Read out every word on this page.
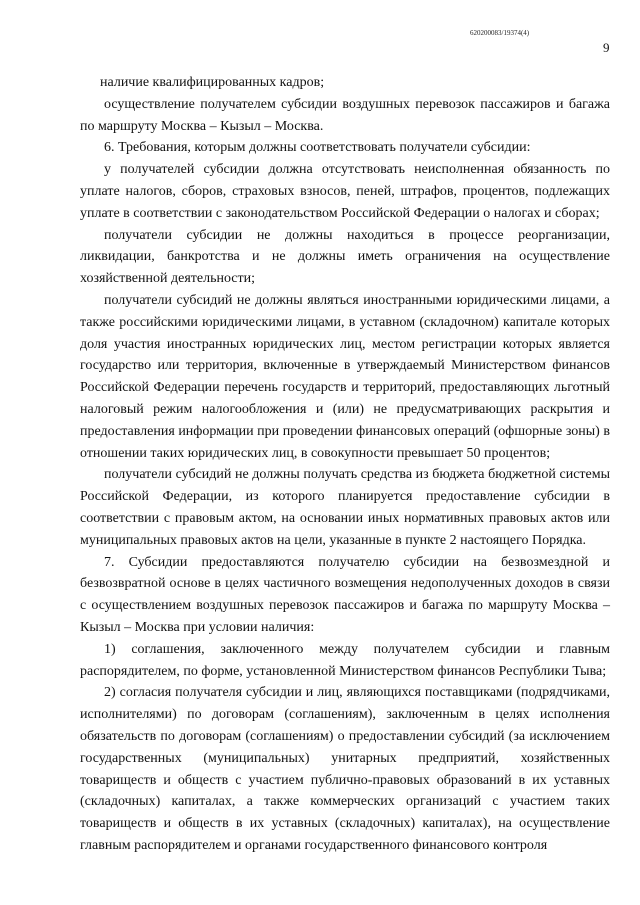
620200083/19374(4)
9

наличие квалифицированных кадров;

осуществление получателем субсидии воздушных перевозок пассажиров и багажа по маршруту Москва – Кызыл – Москва.

6. Требования, которым должны соответствовать получатели субсидии:

у получателей субсидии должна отсутствовать неисполненная обязанность по уплате налогов, сборов, страховых взносов, пеней, штрафов, процентов, подлежащих уплате в соответствии с законодательством Российской Федерации о налогах и сборах;

получатели субсидии не должны находиться в процессе реорганизации, ликвидации, банкротства и не должны иметь ограничения на осуществление хозяйственной деятельности;

получатели субсидий не должны являться иностранными юридическими лицами, а также российскими юридическими лицами, в уставном (складочном) капитале которых доля участия иностранных юридических лиц, местом регистрации которых является государство или территория, включенные в утверждаемый Министерством финансов Российской Федерации перечень государств и территорий, предоставляющих льготный налоговый режим налогообложения и (или) не предусматривающих раскрытия и предоставления информации при проведении финансовых операций (офшорные зоны) в отношении таких юридических лиц, в совокупности превышает 50 процентов;

получатели субсидий не должны получать средства из бюджета бюджетной системы Российской Федерации, из которого планируется предоставление субсидии в соответствии с правовым актом, на основании иных нормативных правовых актов или муниципальных правовых актов на цели, указанные в пункте 2 настоящего Порядка.

7. Субсидии предоставляются получателю субсидии на безвозмездной и безвозвратной основе в целях частичного возмещения недополученных доходов в связи с осуществлением воздушных перевозок пассажиров и багажа по маршруту Москва – Кызыл – Москва при условии наличия:

1) соглашения, заключенного между получателем субсидии и главным распорядителем, по форме, установленной Министерством финансов Республики Тыва;

2) согласия получателя субсидии и лиц, являющихся поставщиками (подрядчиками, исполнителями) по договорам (соглашениям), заключенным в целях исполнения обязательств по договорам (соглашениям) о предоставлении субсидий (за исключением государственных (муниципальных) унитарных предприятий, хозяйственных товариществ и обществ с участием публично-правовых образований в их уставных (складочных) капиталах, а также коммерческих организаций с участием таких товариществ и обществ в их уставных (складочных) капиталах), на осуществление главным распорядителем и органами государственного финансового контроля
